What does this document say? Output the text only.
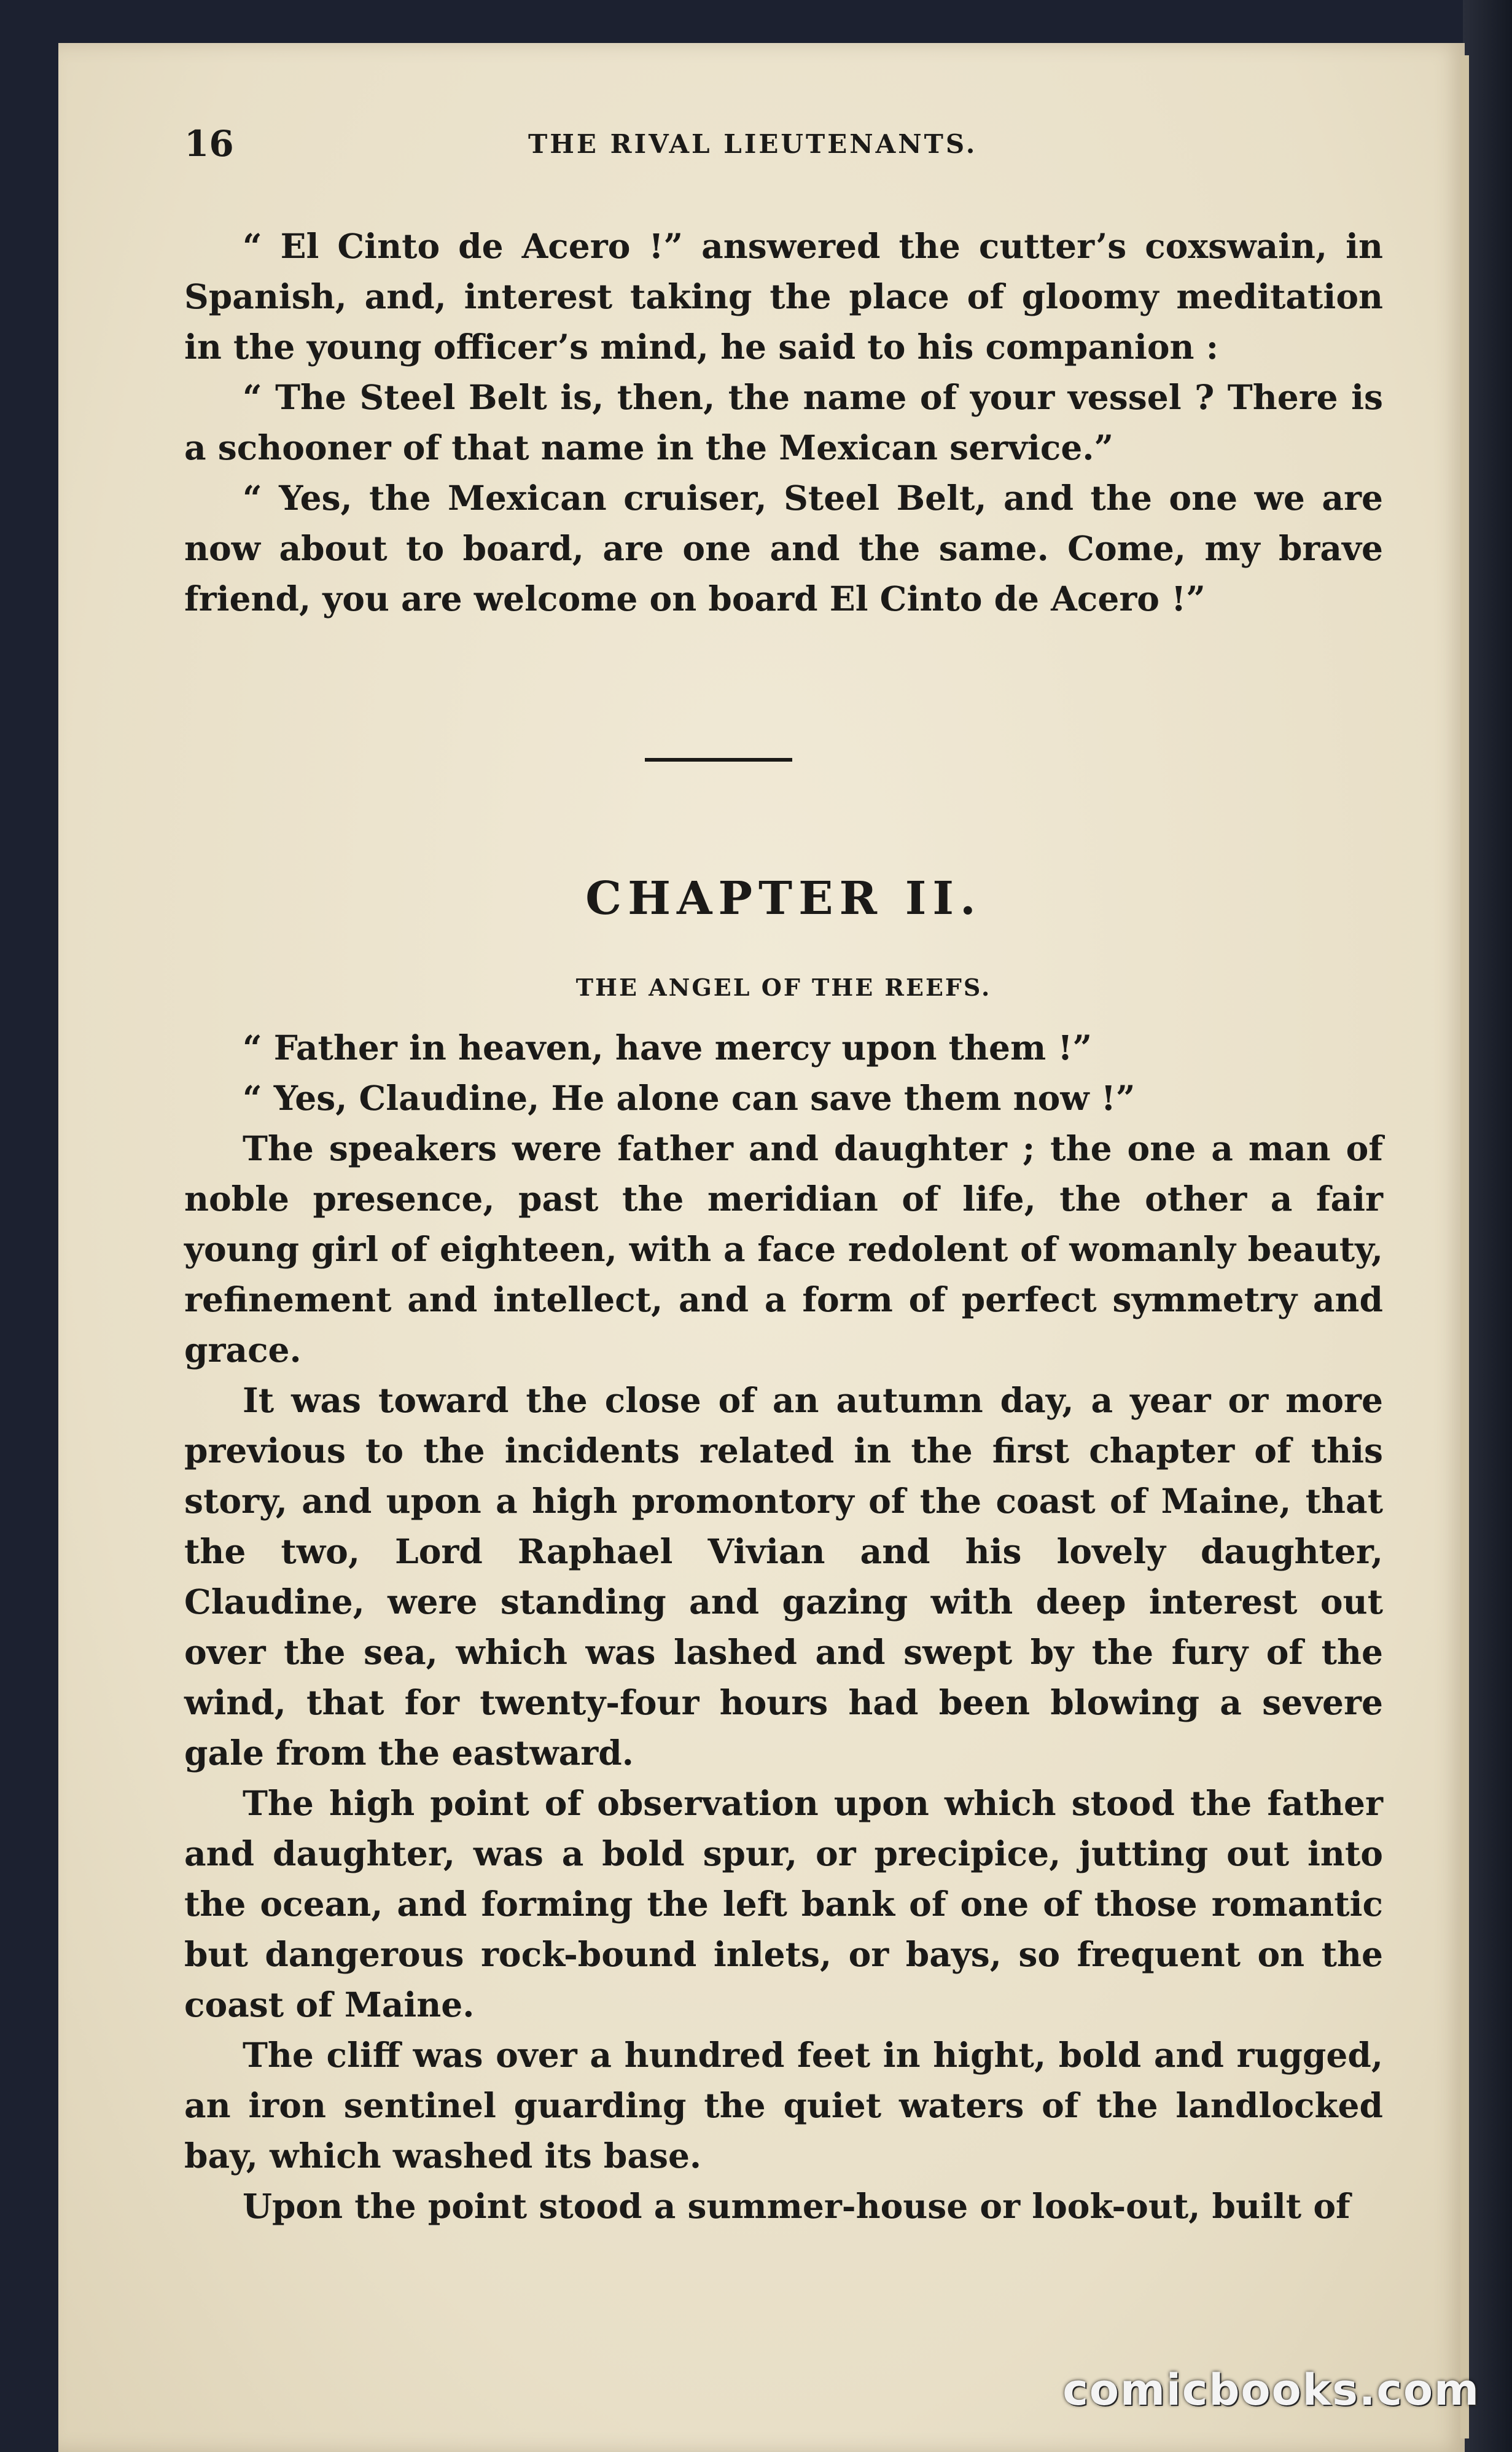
16	THE RIVAL LIEUTENANTS.

“ El Cinto de Acero !” answered the cutter’s coxswain, in Spanish, and, interest taking the place of gloomy meditation in the young officer’s mind, he said to his companion :

“ The Steel Belt is, then, the name of your vessel ? There is a schooner of that name in the Mexican service.”

“ Yes, the Mexican cruiser, Steel Belt, and the one we are now about to board, are one and the same. Come, my brave friend, you are welcome on board El Cinto de Acero !”

CHAPTER II.
THE ANGEL OF THE REEFS.

“ Father in heaven, have mercy upon them !”

“ Yes, Claudine, He alone can save them now !”

The speakers were father and daughter ; the one a man of noble presence, past the meridian of life, the other a fair young girl of eighteen, with a face redolent of womanly beauty, refinement and intellect, and a form of perfect symmetry and grace.

It was toward the close of an autumn day, a year or more previous to the incidents related in the first chapter of this story, and upon a high promontory of the coast of Maine, that the two, Lord Raphael Vivian and his lovely daughter, Claudine, were standing and gazing with deep interest out over the sea, which was lashed and swept by the fury of the wind, that for twenty-four hours had been blowing a severe gale from the eastward.

The high point of observation upon which stood the father and daughter, was a bold spur, or precipice, jutting out into the ocean, and forming the left bank of one of those romantic but dangerous rock-bound inlets, or bays, so frequent on the coast of Maine.

The cliff was over a hundred feet in hight, bold and rugged, an iron sentinel guarding the quiet waters of the landlocked bay, which washed its base.

Upon the point stood a summer-house or look-out, built of

comicbooks.com
